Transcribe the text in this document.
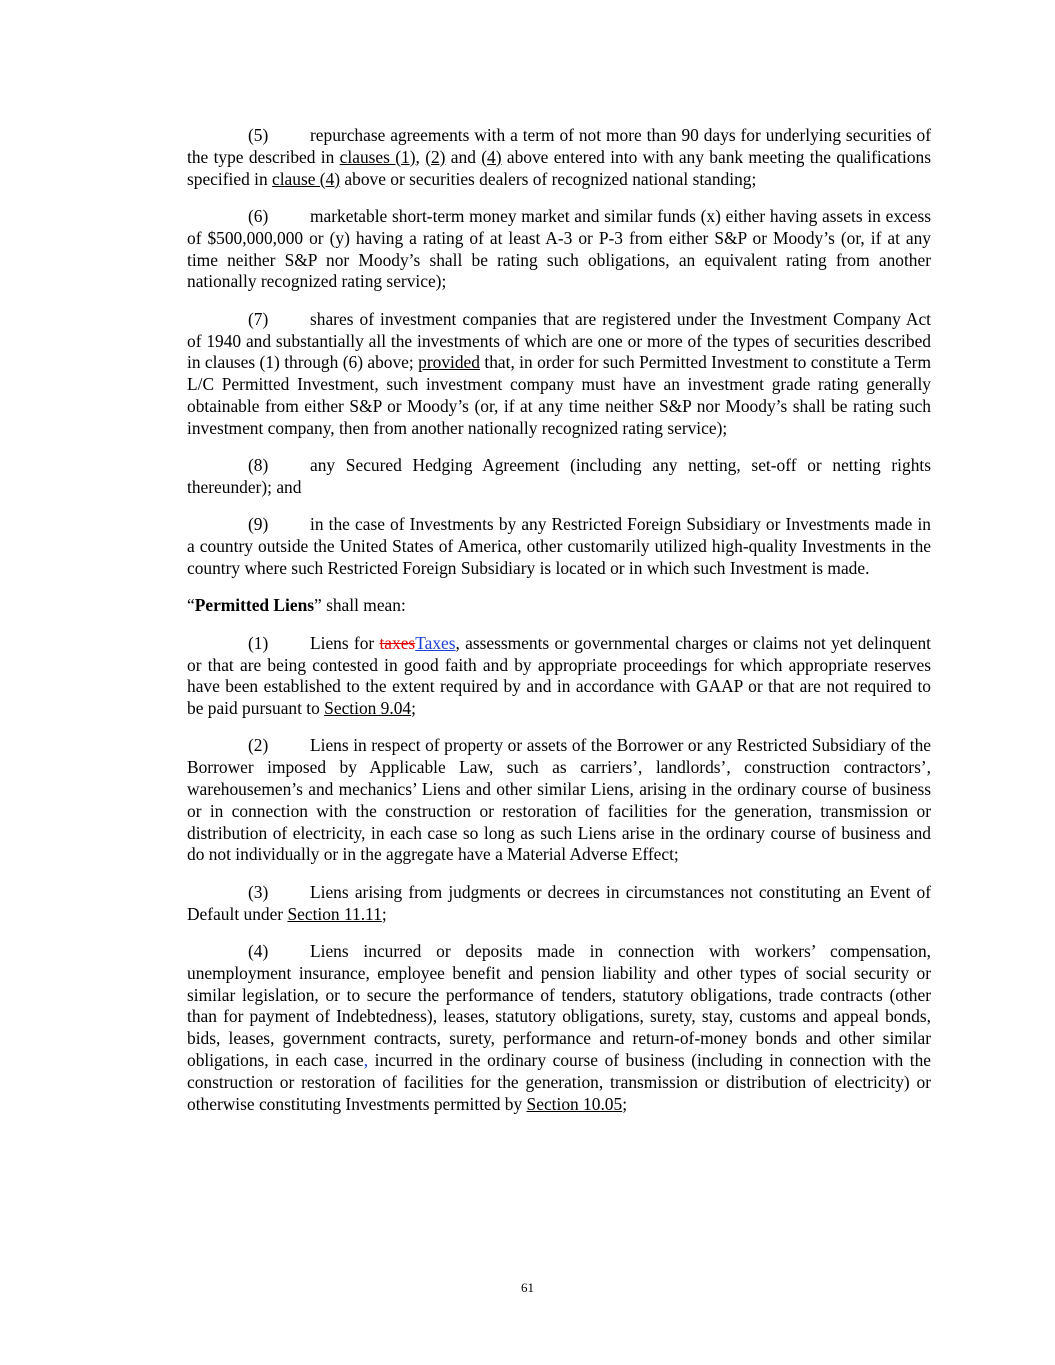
(5) repurchase agreements with a term of not more than 90 days for underlying securities of the type described in clauses (1), (2) and (4) above entered into with any bank meeting the qualifications specified in clause (4) above or securities dealers of recognized national standing;

(6) marketable short-term money market and similar funds (x) either having assets in excess of $500,000,000 or (y) having a rating of at least A-3 or P-3 from either S&P or Moody’s (or, if at any time neither S&P nor Moody’s shall be rating such obligations, an equivalent rating from another nationally recognized rating service);

(7) shares of investment companies that are registered under the Investment Company Act of 1940 and substantially all the investments of which are one or more of the types of securities described in clauses (1) through (6) above; provided that, in order for such Permitted Investment to constitute a Term L/C Permitted Investment, such investment company must have an investment grade rating generally obtainable from either S&P or Moody’s (or, if at any time neither S&P nor Moody’s shall be rating such investment company, then from another nationally recognized rating service);

(8) any Secured Hedging Agreement (including any netting, set-off or netting rights thereunder); and

(9) in the case of Investments by any Restricted Foreign Subsidiary or Investments made in a country outside the United States of America, other customarily utilized high-quality Investments in the country where such Restricted Foreign Subsidiary is located or in which such Investment is made.

“Permitted Liens” shall mean:

(1) Liens for taxesTaxes, assessments or governmental charges or claims not yet delinquent or that are being contested in good faith and by appropriate proceedings for which appropriate reserves have been established to the extent required by and in accordance with GAAP or that are not required to be paid pursuant to Section 9.04;

(2) Liens in respect of property or assets of the Borrower or any Restricted Subsidiary of the Borrower imposed by Applicable Law, such as carriers’, landlords’, construction contractors’, warehousemen’s and mechanics’ Liens and other similar Liens, arising in the ordinary course of business or in connection with the construction or restoration of facilities for the generation, transmission or distribution of electricity, in each case so long as such Liens arise in the ordinary course of business and do not individually or in the aggregate have a Material Adverse Effect;

(3) Liens arising from judgments or decrees in circumstances not constituting an Event of Default under Section 11.11;

(4) Liens incurred or deposits made in connection with workers’ compensation, unemployment insurance, employee benefit and pension liability and other types of social security or similar legislation, or to secure the performance of tenders, statutory obligations, trade contracts (other than for payment of Indebtedness), leases, statutory obligations, surety, stay, customs and appeal bonds, bids, leases, government contracts, surety, performance and return-of-money bonds and other similar obligations, in each case, incurred in the ordinary course of business (including in connection with the construction or restoration of facilities for the generation, transmission or distribution of electricity) or otherwise constituting Investments permitted by Section 10.05;

61
